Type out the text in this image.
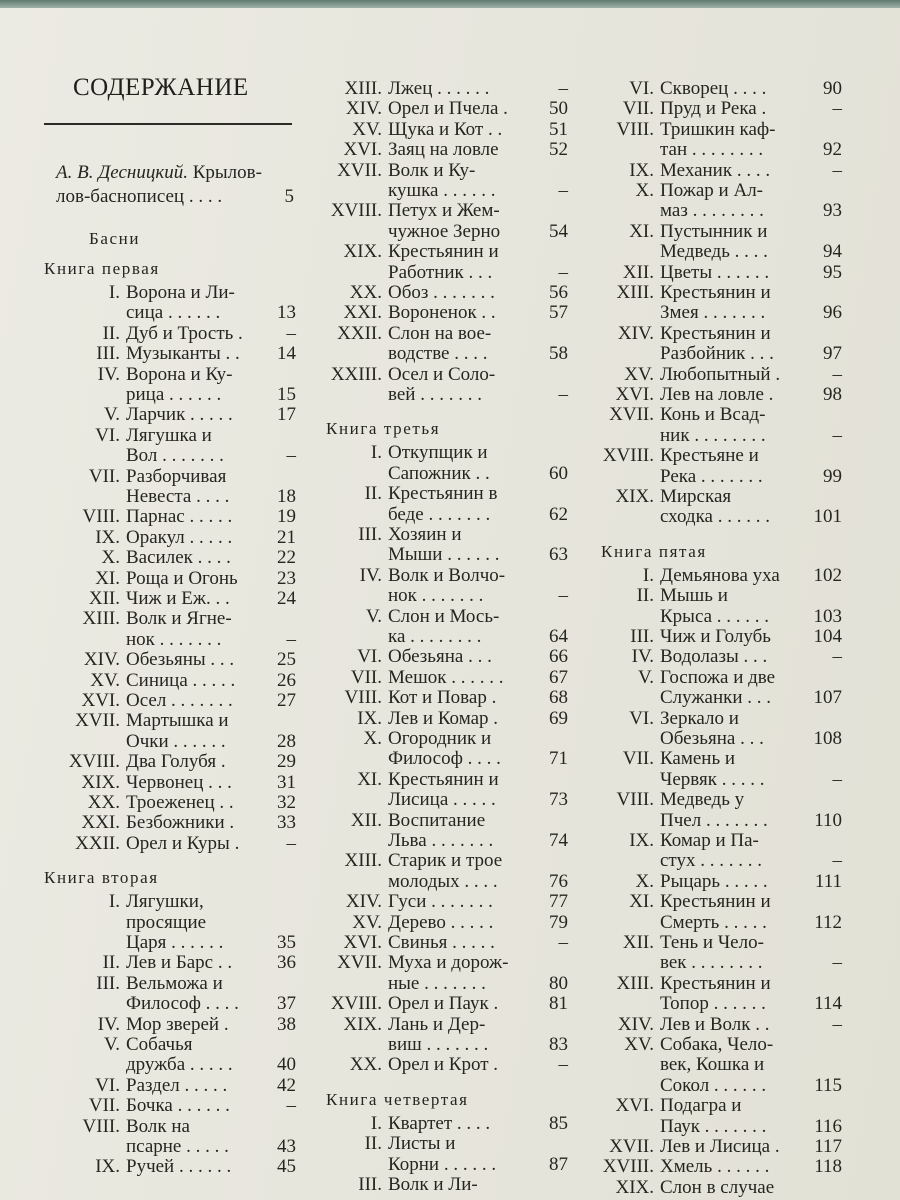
СОДЕРЖАНИЕ
А. В. Десницкий. Крылов-
лов-баснописец . . . .	5
Басни
Книга первая
I. Ворона и Ли-
сица . . . . . .	13
II. Дуб и Трость .	–
III. Музыканты . .	14
IV. Ворона и Ку-
рица . . . . . .	15
V. Ларчик . . . . .	17
VI. Лягушка и
Вол . . . . . . .	–
VII. Разборчивая
Невеста . . . .	18
VIII. Парнас . . . . .	19
IX. Оракул . . . . .	21
X. Василек . . . .	22
XI. Роща и Огонь	23
XII. Чиж и Еж. . .	24
XIII. Волк и Ягне-
нок . . . . . . .	–
XIV. Обезьяны . . .	25
XV. Синица . . . . .	26
XVI. Осел . . . . . . .	27
XVII. Мартышка и
Очки . . . . . .	28
XVIII. Два Голубя .	29
XIX. Червонец . . .	31
XX. Троеженец . .	32
XXI. Безбожники .	33
XXII. Орел и Куры .	–
Книга вторая
I. Лягушки,
просящие
Царя . . . . . .	35
II. Лев и Барс . .	36
III. Вельможа и
Философ . . . .	37
IV. Мор зверей .	38
V. Собачья
дружба . . . . .	40
VI. Раздел . . . . .	42
VII. Бочка . . . . . .	–
VIII. Волк на
псарне . . . . .	43
IX. Ручей . . . . . .	45
XIII. Лжец . . . . . .	–
XIV. Орел и Пчела .	50
XV. Щука и Кот . .	51
XVI. Заяц на ловле	52
XVII. Волк и Ку-
кушка . . . . . .	–
XVIII. Петух и Жем-
чужное Зерно	54
XIX. Крестьянин и
Работник . . .	–
XX. Обоз . . . . . . .	56
XXI. Вороненок . .	57
XXII. Слон на вое-
водстве . . . .	58
XXIII. Осел и Соло-
вей . . . . . . .	–
Книга третья
I. Откупщик и
Сапожник . .	60
II. Крестьянин в
беде . . . . . . .	62
III. Хозяин и
Мыши . . . . . .	63
IV. Волк и Волчо-
нок . . . . . . .	–
V. Слон и Мось-
ка . . . . . . . .	64
VI. Обезьяна . . .	66
VII. Мешок . . . . . .	67
VIII. Кот и Повар .	68
IX. Лев и Комар .	69
X. Огородник и
Философ . . . .	71
XI. Крестьянин и
Лисица . . . . .	73
XII. Воспитание
Льва . . . . . . .	74
XIII. Старик и трое
молодых . . . .	76
XIV. Гуси . . . . . . .	77
XV. Дерево . . . . .	79
XVI. Свинья . . . . .	–
XVII. Муха и дорож-
ные . . . . . . .	80
XVIII. Орел и Паук .	81
XIX. Лань и Дер-
виш . . . . . . .	83
XX. Орел и Крот .	–
Книга четвертая
I. Квартет . . . .	85
II. Листы и
Корни . . . . . .	87
III. Волк и Ли-
VI. Скворец . . . .	90
VII. Пруд и Река .	–
VIII. Тришкин каф-
тан . . . . . . . .	92
IX. Механик . . . .	–
X. Пожар и Ал-
маз . . . . . . . .	93
XI. Пустынник и
Медведь . . . .	94
XII. Цветы . . . . . .	95
XIII. Крестьянин и
Змея . . . . . . .	96
XIV. Крестьянин и
Разбойник . . .	97
XV. Любопытный .	–
XVI. Лев на ловле .	98
XVII. Конь и Всад-
ник . . . . . . . .	–
XVIII. Крестьяне и
Река . . . . . . .	99
XIX. Мирская
сходка . . . . . .	101
Книга пятая
I. Демьянова уха	102
II. Мышь и
Крыса . . . . . .	103
III. Чиж и Голубь	104
IV. Водолазы . . .	–
V. Госпожа и две
Служанки . . .	107
VI. Зеркало и
Обезьяна . . .	108
VII. Камень и
Червяк . . . . .	–
VIII. Медведь у
Пчел . . . . . . .	110
IX. Комар и Па-
стух . . . . . . .	–
X. Рыцарь . . . . .	111
XI. Крестьянин и
Смерть . . . . .	112
XII. Тень и Чело-
век . . . . . . . .	–
XIII. Крестьянин и
Топор . . . . . .	114
XIV. Лев и Волк . .	–
XV. Собака, Чело-
век, Кошка и
Сокол . . . . . .	115
XVI. Подагра и
Паук . . . . . . .	116
XVII. Лев и Лисица .	117
XVIII. Хмель . . . . . .	118
XIX. Слон в случае
